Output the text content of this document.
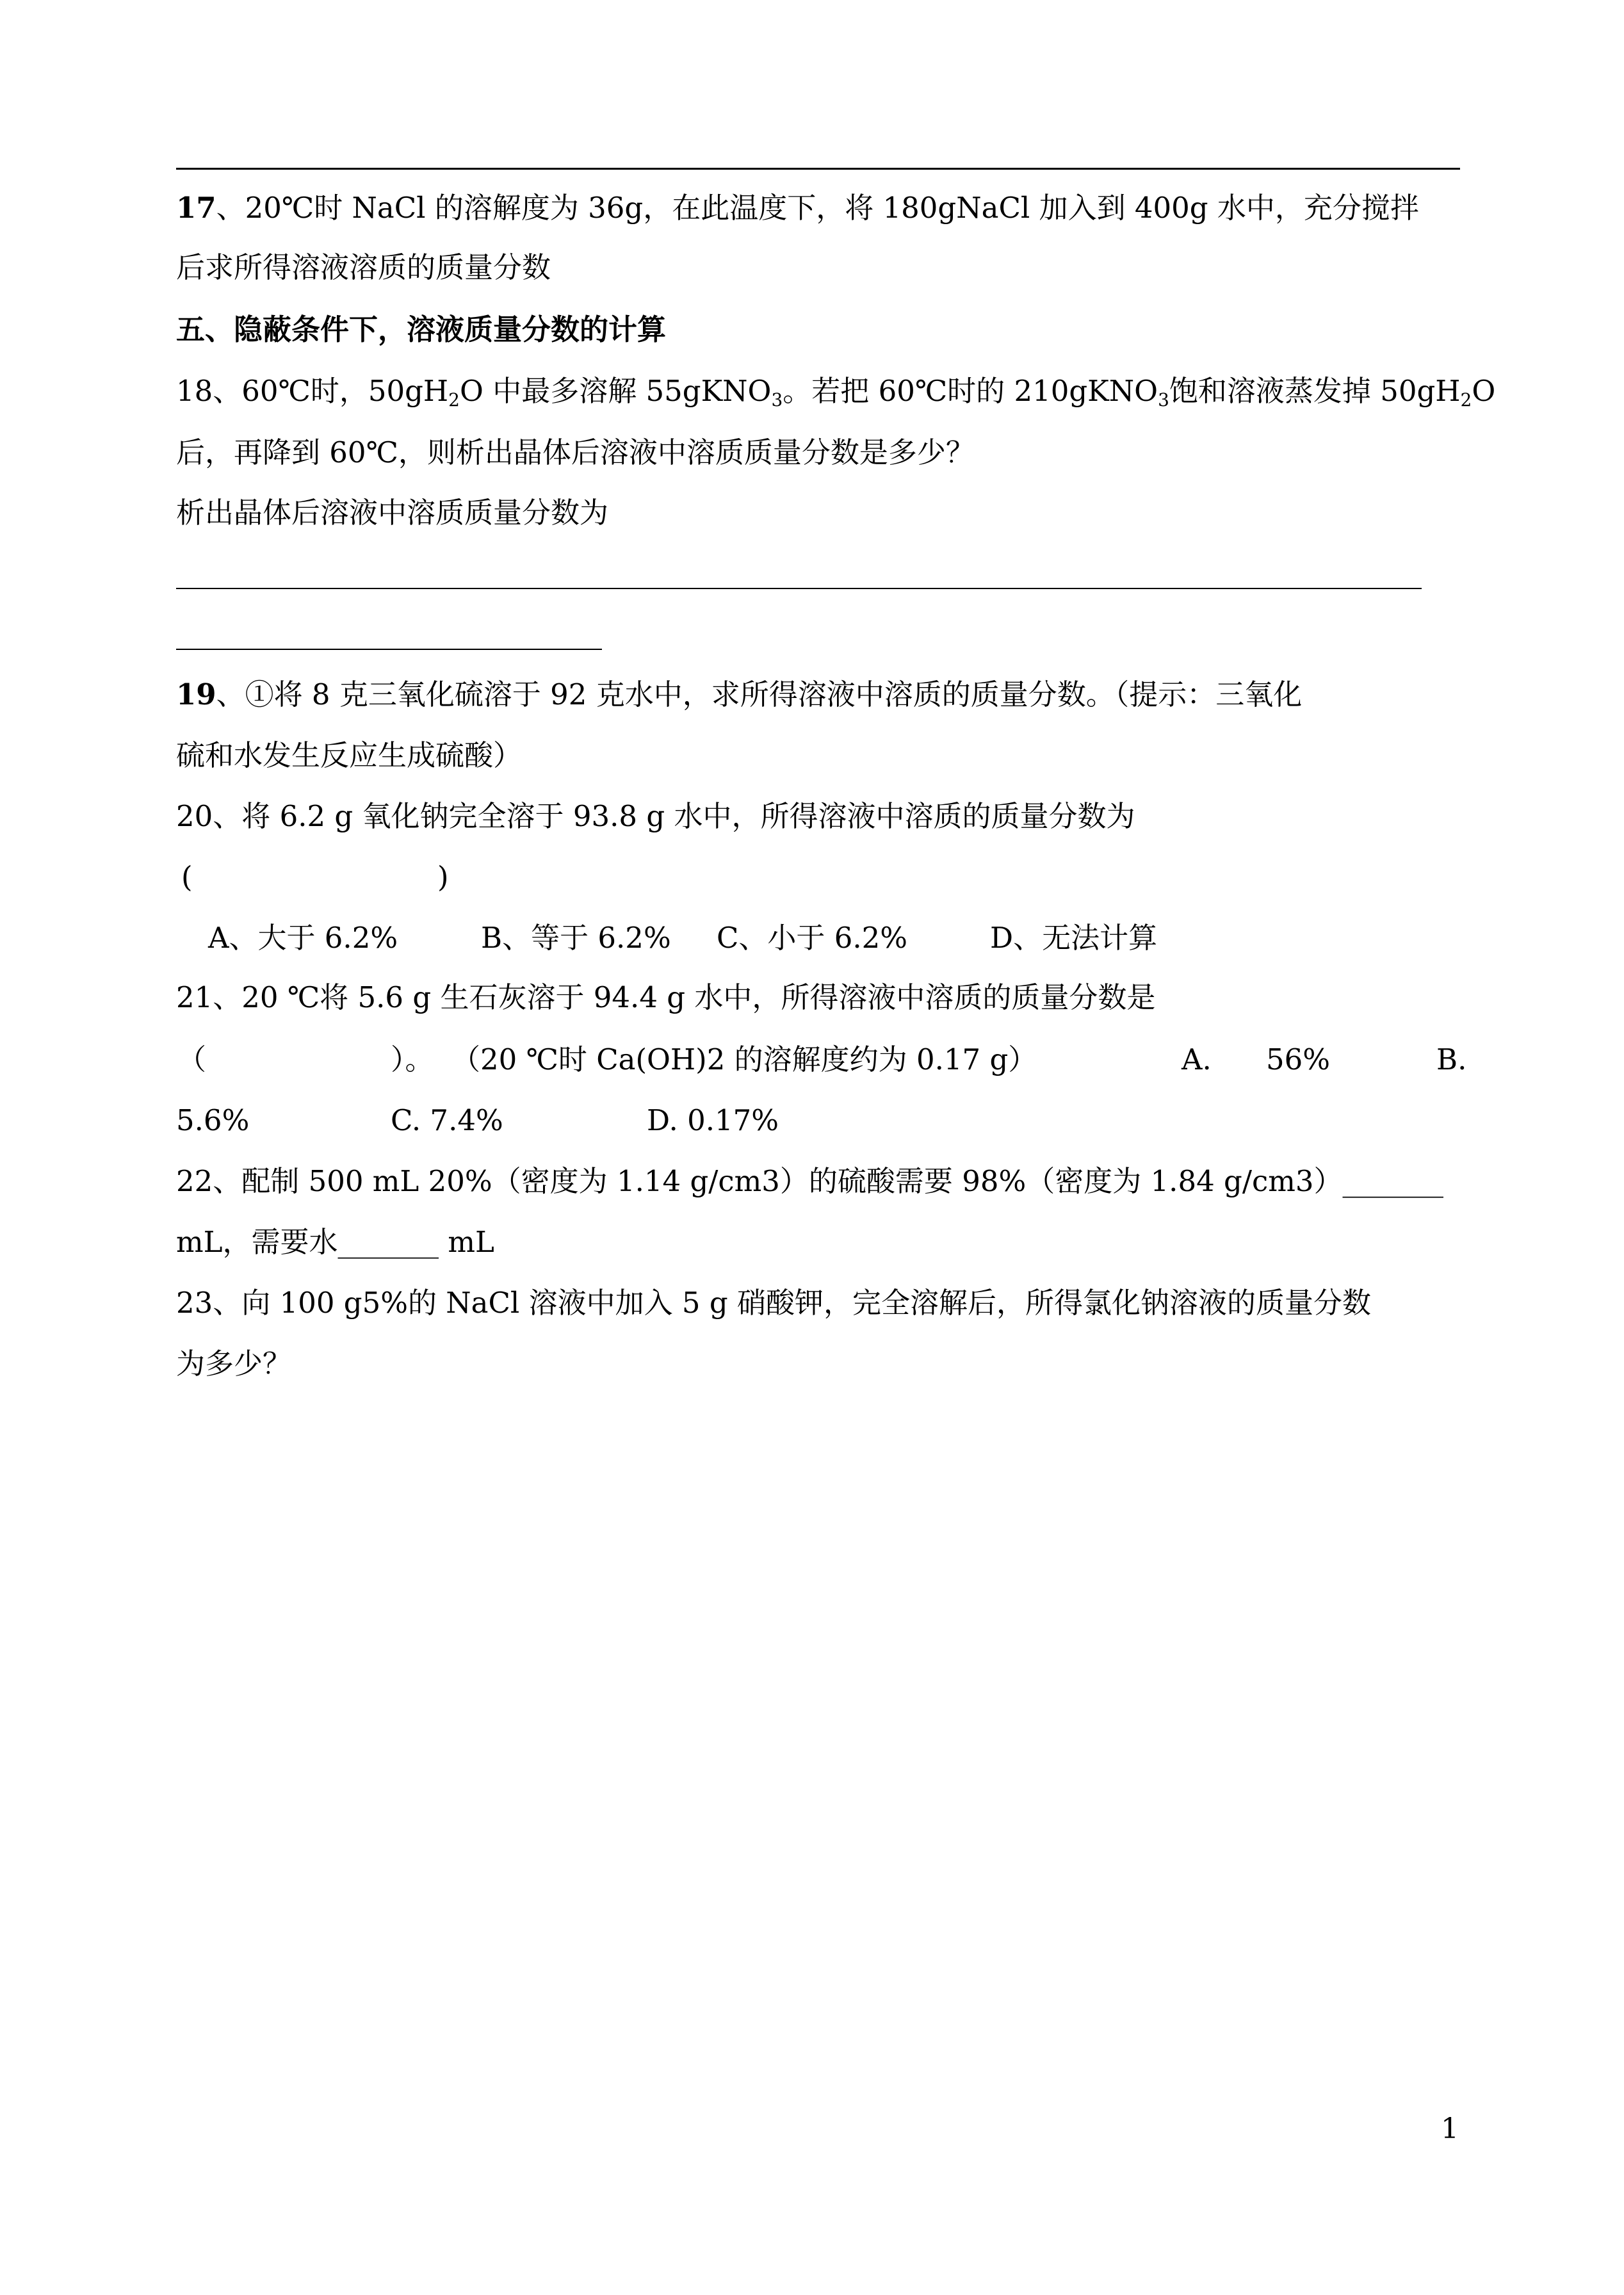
17、20℃时 NaCl 的溶解度为 36g，在此温度下，将 180gNaCl 加入到 400g 水中，充分搅拌
后求所得溶液溶质的质量分数
五、隐蔽条件下，溶液质量分数的计算
18、60℃时，$50gH_2O$ 中最多溶解 55gKNO$_3$。若把 60℃时的 210gKNO$_3$饱和溶液蒸发掉 $50gH_2O$
后，再降到 60℃，则析出晶体后溶液中溶质质量分数是多少？
析出晶体后溶液中溶质质量分数为
19、①将 8 克三氧化硫溶于 92 克水中，求所得溶液中溶质的质量分数。（提示：三氧化
硫和水发生反应生成硫酸）
20、将 6.2 g 氧化钠完全溶于 93.8 g 水中，所得溶液中溶质的质量分数为
(	)
A、大于 6.2%	B、等于 6.2% C、小于 6.2%	D、无法计算
21、20 ℃将 5.6 g 生石灰溶于 94.4 g 水中，所得溶液中溶质的质量分数是
（	）。 （20 ℃时 Ca(OH)2 的溶解度约为 0.17 g）	A. 56%	B.
5.6%	C. 7.4%	D. 0.17%
22、配制 500 mL 20%（密度为 1.14 g/cm3）的硫酸需要 98%（密度为 1.84 g/cm3）_______
mL，需要水_______ mL
23、向 100 g5%的 NaCl 溶液中加入 5 g 硝酸钾，完全溶解后，所得氯化钠溶液的质量分数
为多少？
1
